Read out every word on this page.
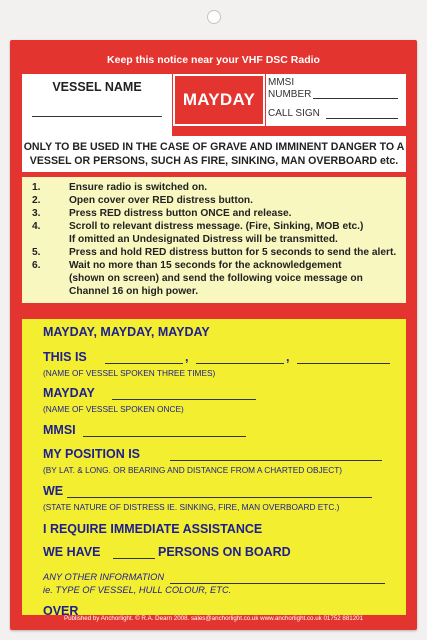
Keep this notice near your VHF DSC Radio
VESSEL NAME
MAYDAY
MMSI
NUMBER
CALL SIGN
ONLY TO BE USED IN THE CASE OF GRAVE AND IMMINENT DANGER TO A
VESSEL OR PERSONS, SUCH AS FIRE, SINKING, MAN OVERBOARD etc.
1.	Ensure radio is switched on.
2.	Open cover over RED distress button.
3.	Press RED distress button ONCE and release.
4.	Scroll to relevant distress message. (Fire, Sinking, MOB etc.)
If omitted an Undesignated Distress will be transmitted.
5.	Press and hold RED distress button for 5 seconds to send the alert.
6.	Wait no more than 15 seconds for the acknowledgement
(shown on screen) and send the following voice message on
Channel 16 on high power.
MAYDAY, MAYDAY, MAYDAY
THIS IS	,	,
(NAME OF VESSEL SPOKEN THREE TIMES)
MAYDAY
(NAME OF VESSEL SPOKEN ONCE)
MMSI
MY POSITION IS
(BY LAT. & LONG. OR BEARING AND DISTANCE FROM A CHARTED OBJECT)
WE
(STATE NATURE OF DISTRESS IE. SINKING, FIRE, MAN OVERBOARD ETC.)
I REQUIRE IMMEDIATE ASSISTANCE
WE HAVE	PERSONS ON BOARD
ANY OTHER INFORMATION
ie. TYPE OF VESSEL, HULL COLOUR, ETC.
OVER
Published by Anchorlight. © R.A. Dearn 2008. sales@anchorlight.co.uk www.anchorlight.co.uk 01752 881201
